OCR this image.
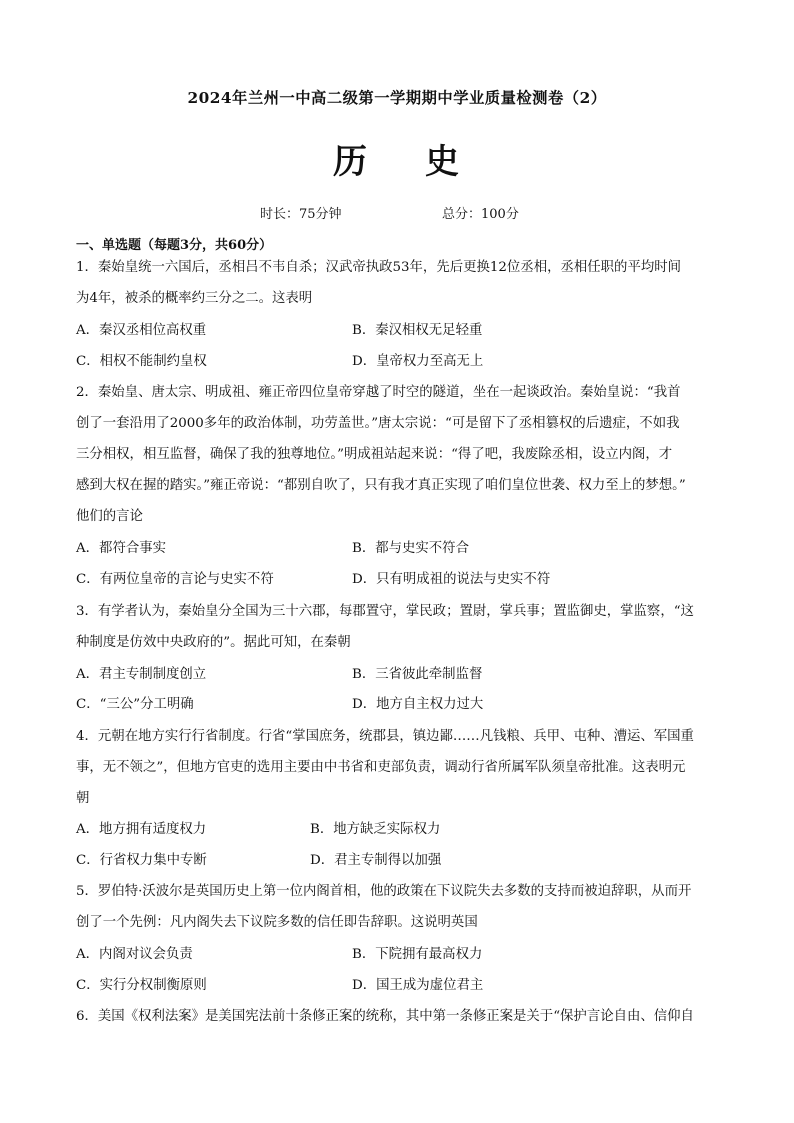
2024年兰州一中高二级第一学期期中学业质量检测卷（2）
历 史
时长：75分钟	总分：100分
一、单选题（每题3分，共60分）
1．秦始皇统一六国后，丞相吕不韦自杀；汉武帝执政53年，先后更换12位丞相，丞相任职的平均时间
为4年，被杀的概率约三分之二。这表明
A．秦汉丞相位高权重	B．秦汉相权无足轻重
C．相权不能制约皇权	D．皇帝权力至高无上
2．秦始皇、唐太宗、明成祖、雍正帝四位皇帝穿越了时空的隧道，坐在一起谈政治。秦始皇说：“我首
创了一套沿用了2000多年的政治体制，功劳盖世。”唐太宗说：“可是留下了丞相篡权的后遗症，不如我
三分相权，相互监督，确保了我的独尊地位。”明成祖站起来说：“得了吧，我废除丞相，设立内阁，才
感到大权在握的踏实。”雍正帝说：“都别自吹了，只有我才真正实现了咱们皇位世袭、权力至上的梦想。”
他们的言论
A．都符合事实	B．都与史实不符合
C．有两位皇帝的言论与史实不符	D．只有明成祖的说法与史实不符
3．有学者认为，秦始皇分全国为三十六郡，每郡置守，掌民政；置尉，掌兵事；置监御史，掌监察，“这
种制度是仿效中央政府的”。据此可知，在秦朝
A．君主专制制度创立	B．三省彼此牵制监督
C．“三公”分工明确	D．地方自主权力过大
4．元朝在地方实行行省制度。行省“掌国庶务，统郡县，镇边鄙……凡钱粮、兵甲、屯种、漕运、军国重
事，无不领之”，但地方官吏的选用主要由中书省和吏部负责，调动行省所属军队须皇帝批准。这表明元
朝
A．地方拥有适度权力	B．地方缺乏实际权力
C．行省权力集中专断	D．君主专制得以加强
5．罗伯特·沃波尔是英国历史上第一位内阁首相，他的政策在下议院失去多数的支持而被迫辞职，从而开
创了一个先例：凡内阁失去下议院多数的信任即告辞职。这说明英国
A．内阁对议会负责	B．下院拥有最高权力
C．实行分权制衡原则	D．国王成为虚位君主
6．美国《权利法案》是美国宪法前十条修正案的统称，其中第一条修正案是关于“保护言论自由、信仰自
